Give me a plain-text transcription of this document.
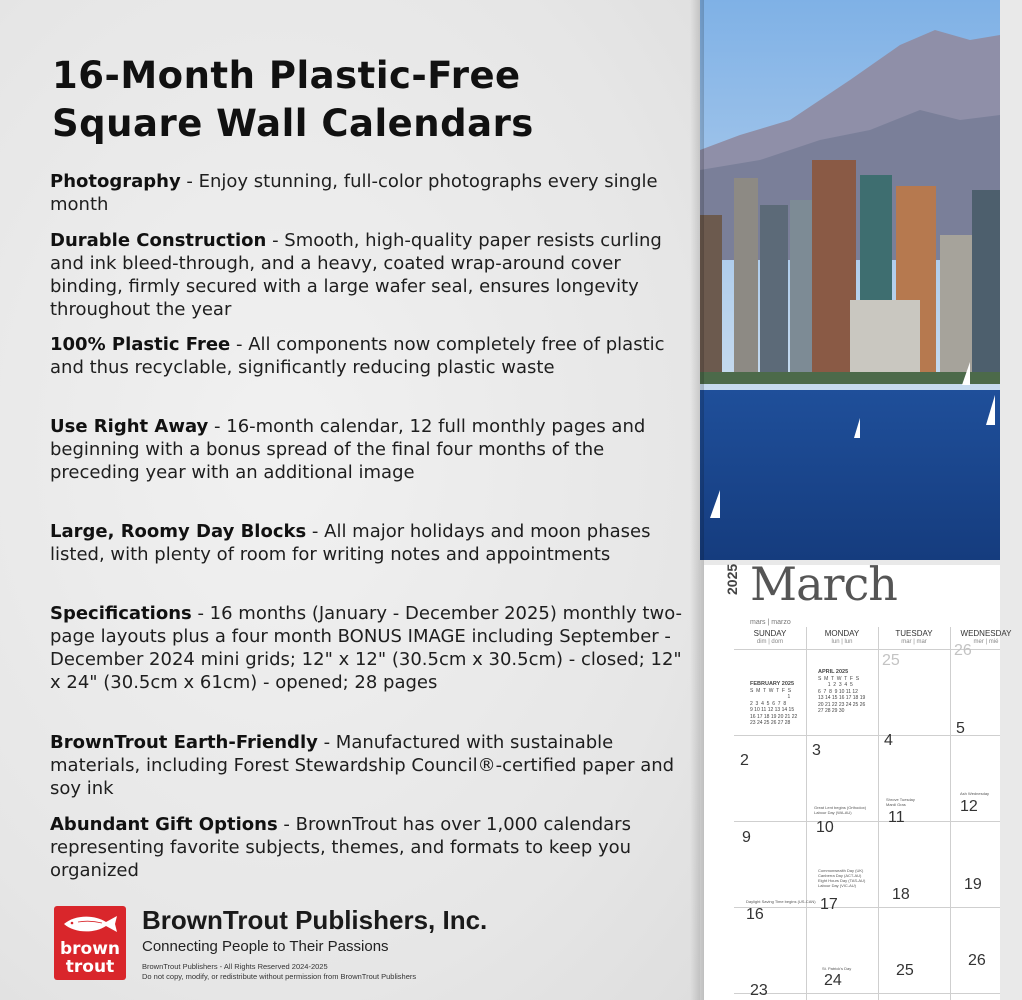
16-Month Plastic-Free
Square Wall Calendars

Photography - Enjoy stunning, full-color photographs every single month

Durable Construction - Smooth, high-quality paper resists curling and ink bleed-through, and a heavy, coated wrap-around cover binding, firmly secured with a large wafer seal, ensures longevity throughout the year

100% Plastic Free - All components now completely free of plastic and thus recyclable, significantly reducing plastic waste

Use Right Away - 16-month calendar, 12 full monthly pages and beginning with a bonus spread of the final four months of the preceding year with an additional image

Large, Roomy Day Blocks - All major holidays and moon phases listed, with plenty of room for writing notes and appointments

Specifications - 16 months (January - December 2025) monthly two-page layouts plus a four month BONUS IMAGE including September - December 2024 mini grids; 12" x 12" (30.5cm x 30.5cm) - closed; 12" x 24" (30.5cm x 61cm) - opened; 28 pages

BrownTrout Earth-Friendly - Manufactured with sustainable materials, including Forest Stewardship Council®-certified paper and soy ink

Abundant Gift Options - BrownTrout has over 1,000 calendars representing favorite subjects, themes, and formats to keep you organized

brown
trout
BrownTrout Publishers, Inc.
Connecting People to Their Passions
BrownTrout Publishers - All Rights Reserved 2024-2025
Do not copy, modify, or redistribute without permission from BrownTrout Publishers
2025 March
mars | marzo
SUNDAY
dim | dom
MONDAY
lun | lun
TUESDAY
mar | mar
WEDNESDAY
mer | mié
FEBRUARY 2025
S  M  T  W  T  F  S
1
2  3  4  5  6  7  8
9 10 11 12 13 14 15
16 17 18 19 20 21 22
23 24 25 26 27 28
APRIL 2025
S  M  T  W  T  F  S
1  2  3  4  5
6  7  8  9 10 11 12
13 14 15 16 17 18 19
20 21 22 23 24 25 26
27 28 29 30
25
26
2
3
4
5
9
10
11
12
16
17
18
19
23
24
25
26
Great Lent begins (Orthodox)
Labour Day (WA-AU)
Shrove Tuesday
Mardi Gras
Ash Wednesday
Commonwealth Day (UK)
Canberra Day (ACT-AU)
Eight Hours Day (TAS-AU)
Labour Day (VIC-AU)
Daylight Saving Time begins (US-CAN)
St. Patrick's Day
